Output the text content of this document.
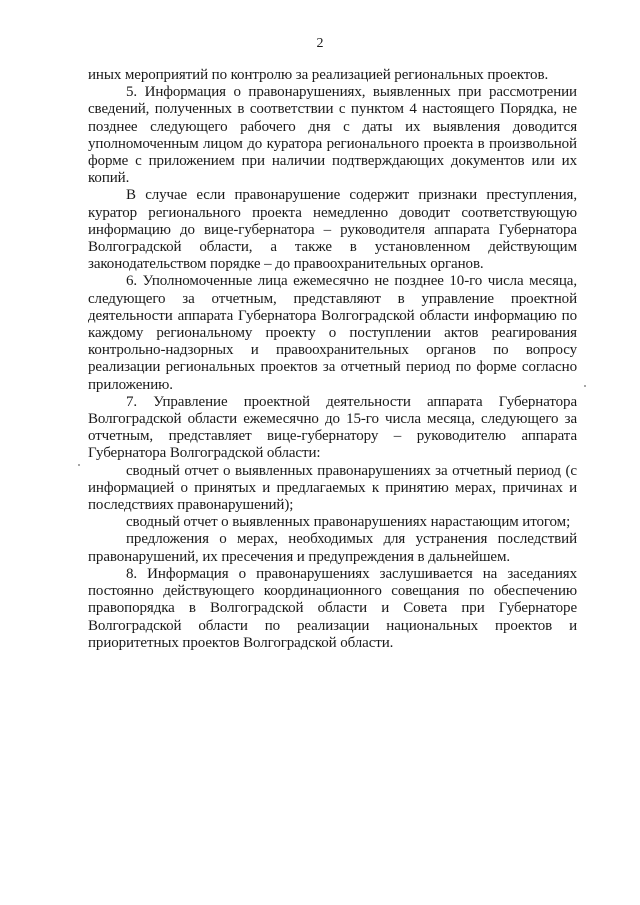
2

иных мероприятий по контролю за реализацией региональных проектов.

5. Информация о правонарушениях, выявленных при рассмотрении сведений, полученных в соответствии с пунктом 4 настоящего Порядка, не позднее следующего рабочего дня с даты их выявления доводится уполномоченным лицом до куратора регионального проекта в произвольной форме с приложением при наличии подтверждающих документов или их копий.

В случае если правонарушение содержит признаки преступления, куратор регионального проекта немедленно доводит соответствующую информацию до вице-губернатора – руководителя аппарата Губернатора Волгоградской области, а также в установленном действующим законодательством порядке – до правоохранительных органов.

6. Уполномоченные лица ежемесячно не позднее 10-го числа месяца, следующего за отчетным, представляют в управление проектной деятельности аппарата Губернатора Волгоградской области информацию по каждому региональному проекту о поступлении актов реагирования контрольно-надзорных и правоохранительных органов по вопросу реализации региональных проектов за отчетный период по форме согласно приложению.

7. Управление проектной деятельности аппарата Губернатора Волгоградской области ежемесячно до 15-го числа месяца, следующего за отчетным, представляет вице-губернатору – руководителю аппарата Губернатора Волгоградской области:

сводный отчет о выявленных правонарушениях за отчетный период (с информацией о принятых и предлагаемых к принятию мерах, причинах и последствиях правонарушений);

сводный отчет о выявленных правонарушениях нарастающим итогом;

предложения о мерах, необходимых для устранения последствий правонарушений, их пресечения и предупреждения в дальнейшем.

8. Информация о правонарушениях заслушивается на заседаниях постоянно действующего координационного совещания по обеспечению правопорядка в Волгоградской области и Совета при Губернаторе Волгоградской области по реализации национальных проектов и приоритетных проектов Волгоградской области.
